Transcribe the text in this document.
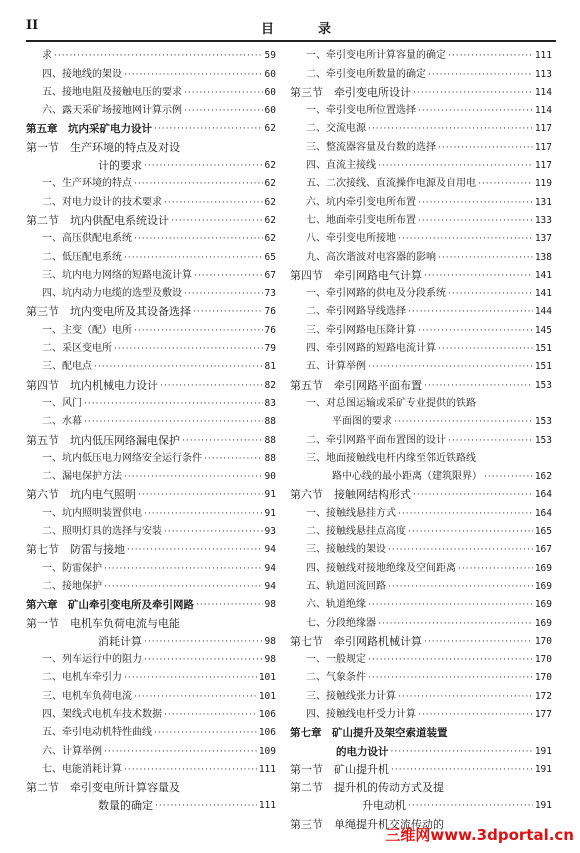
II	目	录
求 ·····	59
四、接地线的架设 ·····	60
五、接地电阻及接触电压的要求 ·····	60
六、露天采矿场接地网计算示例 ·····	60
第五章　坑内采矿电力设计 ·····	62
第一节　生产环境的特点及对设
计的要求 ·····	62
一、生产环境的特点 ·····	62
二、对电力设计的技术要求 ·····	62
第二节　坑内供配电系统设计 ·····	62
一、高压供配电系统 ·····	62
二、低压配电系统 ·····	65
三、坑内电力网络的短路电流计算 ·····	67
四、坑内动力电缆的选型及敷设 ·····	73
第三节　坑内变电所及其设备选择 ·····	76
一、主变（配）电所 ·····	76
二、采区变电所 ·····	79
三、配电点 ·····	81
第四节　坑内机械电力设计 ·····	82
一、风门 ·····	83
二、水幕 ·····	88
第五节　坑内低压网络漏电保护 ·····	88
一、坑内低压电力网络安全运行条件 ·····	88
二、漏电保护方法 ·····	90
第六节　坑内电气照明 ·····	91
一、坑内照明装置供电 ·····	91
二、照明灯具的选择与安装 ·····	93
第七节　防雷与接地 ·····	94
一、防雷保护 ·····	94
二、接地保护 ·····	94
第六章　矿山牵引变电所及牵引网路 ·····	98
第一节　电机车负荷电流与电能
消耗计算 ·····	98
一、列车运行中的阻力 ·····	98
二、电机车牵引力 ·····	101
三、电机车负荷电流 ·····	101
四、架线式电机车技术数据 ·····	106
五、牵引电动机特性曲线 ·····	106
六、计算举例 ·····	109
七、电能消耗计算 ·····	111
第二节　牵引变电所计算容量及
数量的确定 ·····	111
一、牵引变电所计算容量的确定 ·····	111
二、牵引变电所数量的确定 ·····	113
第三节　牵引变电所设计 ·····	114
一、牵引变电所位置选择 ·····	114
二、交流电源 ·····	117
三、整流器容量及台数的选择 ·····	117
四、直流主接线 ·····	117
五、二次接线、直流操作电源及自用电 ·····	119
六、坑内牵引变电所布置 ·····	131
七、地面牵引变电所布置 ·····	133
八、牵引变电所接地 ·····	137
九、高次谐波对电容器的影响 ·····	138
第四节　牵引网路电气计算 ·····	141
一、牵引网路的供电及分段系统 ·····	141
二、牵引网路导线选择 ·····	144
三、牵引网路电压降计算 ·····	145
四、牵引网路的短路电流计算 ·····	151
五、计算举例 ·····	151
第五节　牵引网路平面布置 ·····	153
一、对总图运输或采矿专业提供的铁路
平面图的要求 ·····	153
二、牵引网路平面布置图的设计 ·····	153
三、地面接触线电杆内缘至邻近铁路线
路中心线的最小距离（建筑限界） ·····	162
第六节　接触网结构形式 ·····	164
一、接触线悬挂方式 ·····	164
二、接触线悬挂点高度 ·····	165
三、接触线的架设 ·····	167
四、接触线对接地绝缘及空间距离 ·····	169
五、轨道回流回路 ·····	169
六、轨道绝缘 ·····	169
七、分段绝缘器 ·····	169
第七节　牵引网路机械计算 ·····	170
一、一般规定 ·····	170
二、气象条件 ·····	170
三、接触线张力计算 ·····	172
四、接触线电杆受力计算 ·····	177
第七章　矿山提升及架空索道装置
的电力设计 ·····	191
第一节　矿山提升机 ·····	191
第二节　提升机的传动方式及提
升电动机 ·····	191
第三节　单绳提升机交流传动的
三维网www.3dportal.cn
